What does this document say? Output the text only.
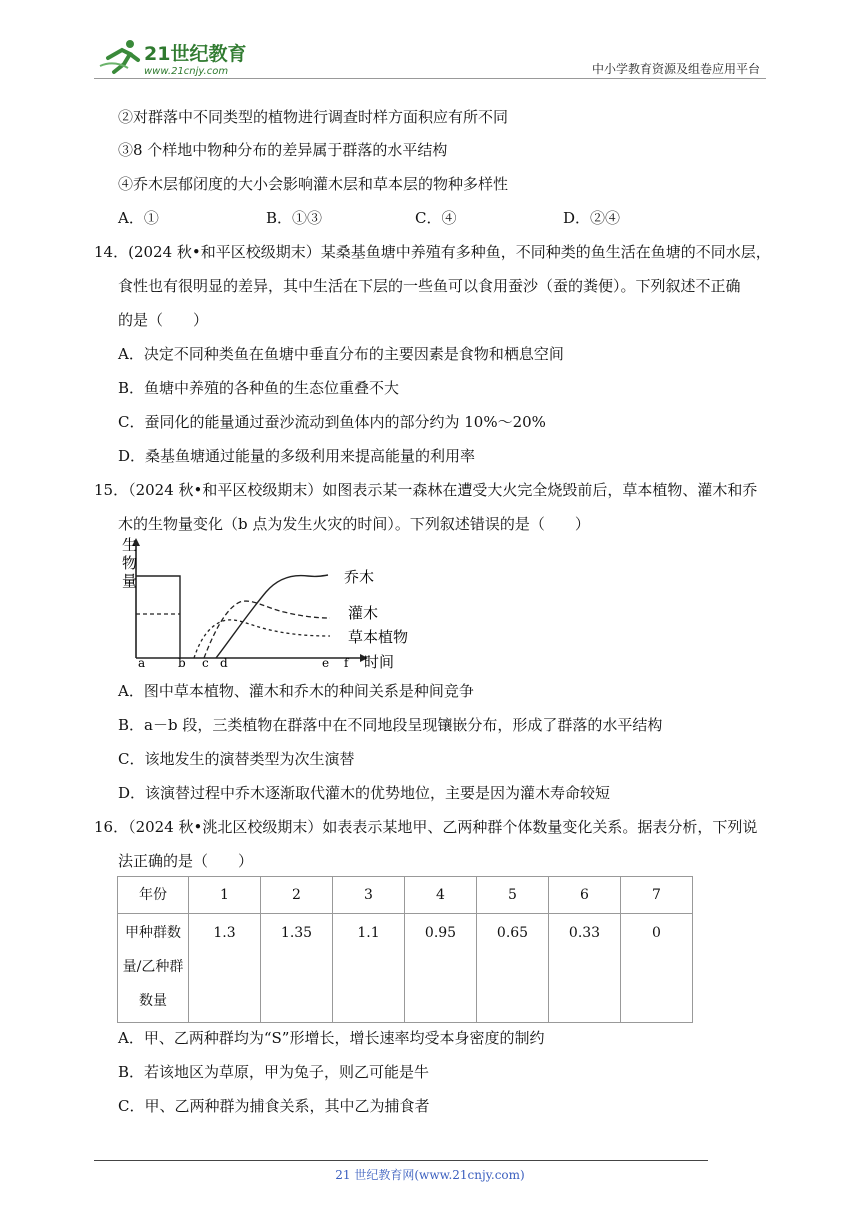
21世纪教育
www.21cnjy.com	中小学教育资源及组卷应用平台
②对群落中不同类型的植物进行调查时样方面积应有所不同
③8 个样地中物种分布的差异属于群落的水平结构
④乔木层郁闭度的大小会影响灌木层和草本层的物种多样性
A．①	B．①③	C．④	D．②④
14．(2024 秋•和平区校级期末）某桑基鱼塘中养殖有多种鱼，不同种类的鱼生活在鱼塘的不同水层，
食性也有很明显的差异，其中生活在下层的一些鱼可以食用蚕沙（蚕的粪便）。下列叙述不正确
的是（　　）
A．决定不同种类鱼在鱼塘中垂直分布的主要因素是食物和栖息空间
B．鱼塘中养殖的各种鱼的生态位重叠不大
C．蚕同化的能量通过蚕沙流动到鱼体内的部分约为 10%～20%
D．桑基鱼塘通过能量的多级利用来提高能量的利用率
15．（2024 秋•和平区校级期末）如图表示某一森林在遭受大火完全烧毁前后，草本植物、灌木和乔
木的生物量变化（b 点为发生火灾的时间）。下列叙述错误的是（　　）
生
物
量	乔木
灌木
草本植物
a	b c d	e f 时间
A．图中草本植物、灌木和乔木的种间关系是种间竞争
B．a－b 段，三类植物在群落中在不同地段呈现镶嵌分布，形成了群落的水平结构
C．该地发生的演替类型为次生演替
D．该演替过程中乔木逐渐取代灌木的优势地位，主要是因为灌木寿命较短
16．（2024 秋•洮北区校级期末）如表表示某地甲、乙两种群个体数量变化关系。据表分析，下列说
法正确的是（　　）
年份	1	2	3	4	5	6	7

甲种群数
量/乙种群
数量	1.3	1.35	1.1	0.95	0.65	0.33	0
A．甲、乙两种群均为“S”形增长，增长速率均受本身密度的制约
B．若该地区为草原，甲为兔子，则乙可能是牛
C．甲、乙两种群为捕食关系，其中乙为捕食者
21 世纪教育网(www.21cnjy.com)
